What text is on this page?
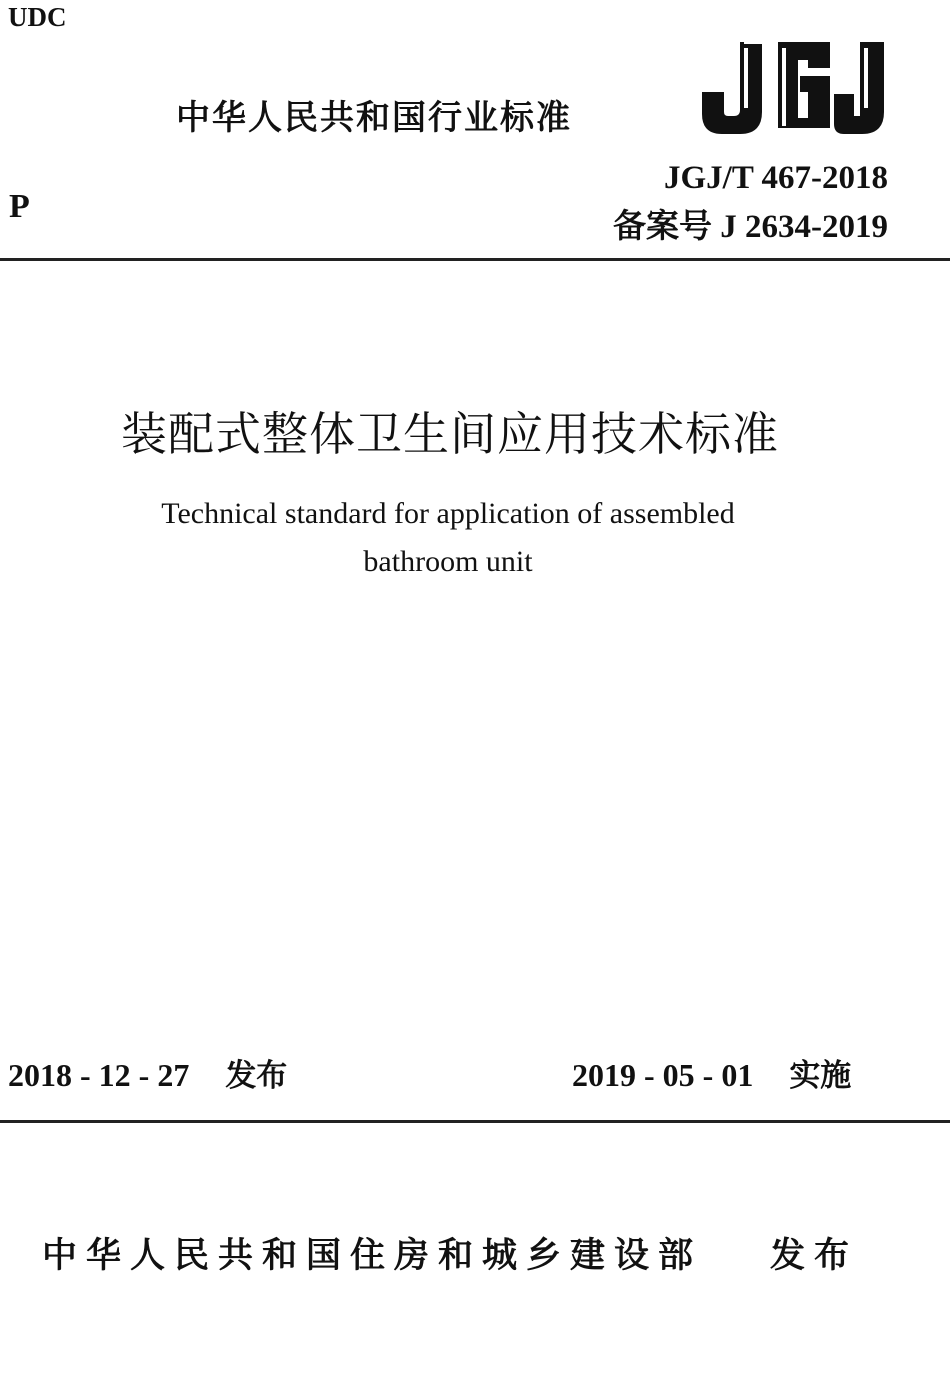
UDC
中华人民共和国行业标准
P
JGJ/T 467-2018
备案号 J 2634-2019
装配式整体卫生间应用技术标准
Technical standard for application of assembled
bathroom unit
2018 - 12 - 27 发布	2019 - 05 - 01 实施
中华人民共和国住房和城乡建设部 发布
